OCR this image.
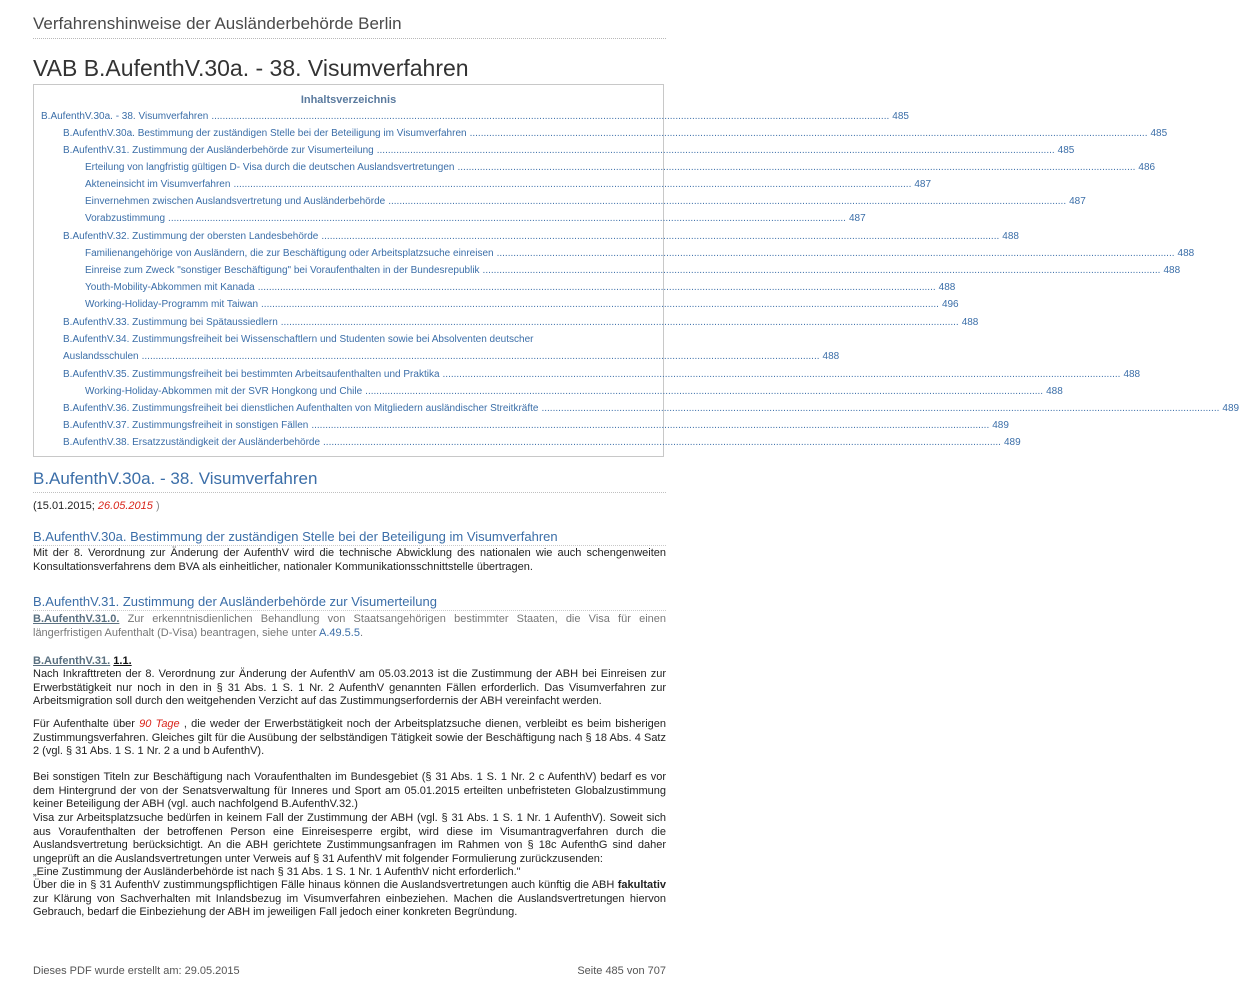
Verfahrenshinweise der Ausländerbehörde Berlin
VAB B.AufenthV.30a. - 38. Visumverfahren
Inhaltsverzeichnis
B.AufenthV.30a. - 38. Visumverfahren .................................................................................................................................................................................................................................................... 485
B.AufenthV.30a. Bestimmung der zuständigen Stelle bei der Beteiligung im Visumverfahren .................................................................................................................................................................................................................................................... 485
B.AufenthV.31. Zustimmung der Ausländerbehörde zur Visumerteilung .................................................................................................................................................................................................................................................... 485
Erteilung von langfristig gültigen D- Visa durch die deutschen Auslandsvertretungen .................................................................................................................................................................................................................................................... 486
Akteneinsicht im Visumverfahren .................................................................................................................................................................................................................................................... 487
Einvernehmen zwischen Auslandsvertretung und Ausländerbehörde .................................................................................................................................................................................................................................................... 487
Vorabzustimmung .................................................................................................................................................................................................................................................... 487
B.AufenthV.32. Zustimmung der obersten Landesbehörde .................................................................................................................................................................................................................................................... 488
Familienangehörige von Ausländern, die zur Beschäftigung oder Arbeitsplatzsuche einreisen .................................................................................................................................................................................................................................................... 488
Einreise zum Zweck "sonstiger Beschäftigung" bei Voraufenthalten in der Bundesrepublik .................................................................................................................................................................................................................................................... 488
Youth-Mobility-Abkommen mit Kanada .................................................................................................................................................................................................................................................... 488
Working-Holiday-Programm mit Taiwan .................................................................................................................................................................................................................................................... 496
B.AufenthV.33. Zustimmung bei Spätaussiedlern .................................................................................................................................................................................................................................................... 488
B.AufenthV.34. Zustimmungsfreiheit bei Wissenschaftlern und Studenten sowie bei Absolventen deutscher
Auslandsschulen .................................................................................................................................................................................................................................................... 488
B.AufenthV.35. Zustimmungsfreiheit bei bestimmten Arbeitsaufenthalten und Praktika .................................................................................................................................................................................................................................................... 488
Working-Holiday-Abkommen mit der SVR Hongkong und Chile .................................................................................................................................................................................................................................................... 488
B.AufenthV.36. Zustimmungsfreiheit bei dienstlichen Aufenthalten von Mitgliedern ausländischer Streitkräfte .................................................................................................................................................................................................................................................... 489
B.AufenthV.37. Zustimmungsfreiheit in sonstigen Fällen .................................................................................................................................................................................................................................................... 489
B.AufenthV.38. Ersatzzuständigkeit der Ausländerbehörde .................................................................................................................................................................................................................................................... 489
B.AufenthV.30a. - 38. Visumverfahren
(15.01.2015; 26.05.2015 )
B.AufenthV.30a. Bestimmung der zuständigen Stelle bei der Beteiligung im Visumverfahren
Mit der 8. Verordnung zur Änderung der AufenthV wird die technische Abwicklung des nationalen wie auch schengenweiten Konsultationsverfahrens dem BVA als einheitlicher, nationaler Kommunikationsschnittstelle übertragen.
B.AufenthV.31. Zustimmung der Ausländerbehörde zur Visumerteilung
B.AufenthV.31.0. Zur erkenntnisdienlichen Behandlung von Staatsangehörigen bestimmter Staaten, die Visa für einen längerfristigen Aufenthalt (D-Visa) beantragen, siehe unter A.49.5.5.
B.AufenthV.31. 1.1.
Nach Inkrafttreten der 8. Verordnung zur Änderung der AufenthV am 05.03.2013 ist die Zustimmung der ABH bei Einreisen zur Erwerbstätigkeit nur noch in den in § 31 Abs. 1 S. 1 Nr. 2 AufenthV genannten Fällen erforderlich. Das Visumverfahren zur Arbeitsmigration soll durch den weitgehenden Verzicht auf das Zustimmungserfordernis der ABH vereinfacht werden.
Für Aufenthalte über 90 Tage , die weder der Erwerbstätigkeit noch der Arbeitsplatzsuche dienen, verbleibt es beim bisherigen Zustimmungsverfahren. Gleiches gilt für die Ausübung der selbständigen Tätigkeit sowie der Beschäftigung nach § 18 Abs. 4 Satz 2 (vgl. § 31 Abs. 1 S. 1 Nr. 2 a und b AufenthV).
Bei sonstigen Titeln zur Beschäftigung nach Voraufenthalten im Bundesgebiet (§ 31 Abs. 1 S. 1 Nr. 2 c AufenthV) bedarf es vor dem Hintergrund der von der Senatsverwaltung für Inneres und Sport am 05.01.2015 erteilten unbefristeten Globalzustimmung keiner Beteiligung der ABH (vgl. auch nachfolgend B.AufenthV.32.)
Visa zur Arbeitsplatzsuche bedürfen in keinem Fall der Zustimmung der ABH (vgl. § 31 Abs. 1 S. 1 Nr. 1 AufenthV). Soweit sich aus Voraufenthalten der betroffenen Person eine Einreisesperre ergibt, wird diese im Visumantragverfahren durch die Auslandsvertretung berücksichtigt. An die ABH gerichtete Zustimmungsanfragen im Rahmen von § 18c AufenthG sind daher ungeprüft an die Auslandsvertretungen unter Verweis auf § 31 AufenthV mit folgender Formulierung zurückzusenden:
„Eine Zustimmung der Ausländerbehörde ist nach § 31 Abs. 1 S. 1 Nr. 1 AufenthV nicht erforderlich."
Über die in § 31 AufenthV zustimmungspflichtigen Fälle hinaus können die Auslandsvertretungen auch künftig die ABH fakultativ zur Klärung von Sachverhalten mit Inlandsbezug im Visumverfahren einbeziehen. Machen die Auslandsvertretungen hiervon Gebrauch, bedarf die Einbeziehung der ABH im jeweiligen Fall jedoch einer konkreten Begründung.
Dieses PDF wurde erstellt am: 29.05.2015	Seite 485 von 707
